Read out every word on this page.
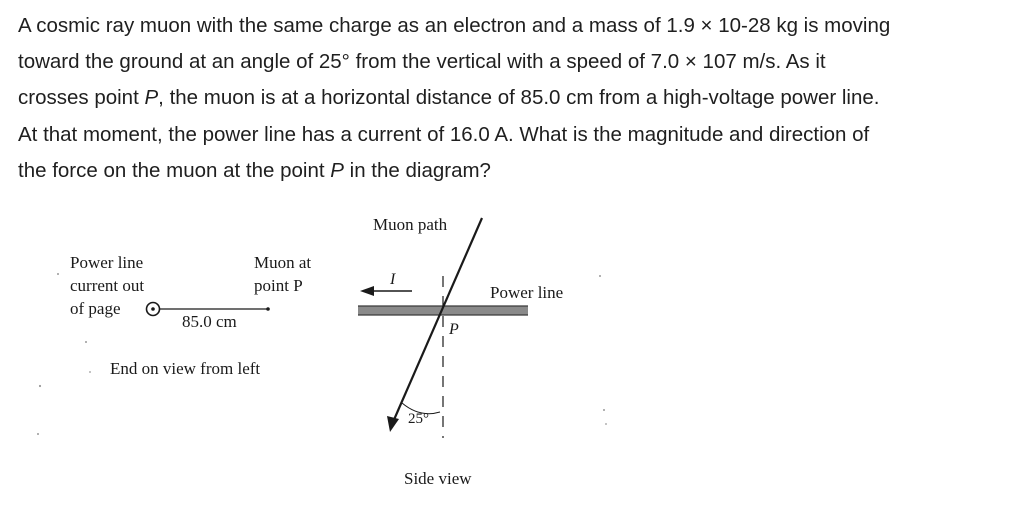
A cosmic ray muon with the same charge as an electron and a mass of 1.9 × 10-28 kg is moving
toward the ground at an angle of 25° from the vertical with a speed of 7.0 × 107 m/s. As it
crosses point P, the muon is at a horizontal distance of 85.0 cm from a high-voltage power line.
At that moment, the power line has a current of 16.0 A. What is the magnitude and direction of
the force on the muon at the point P in the diagram?
Power line
current out
of page
85.0 cm
Muon at
point P
End on view from left
Muon path
I
Power line
P
25°
Side view
